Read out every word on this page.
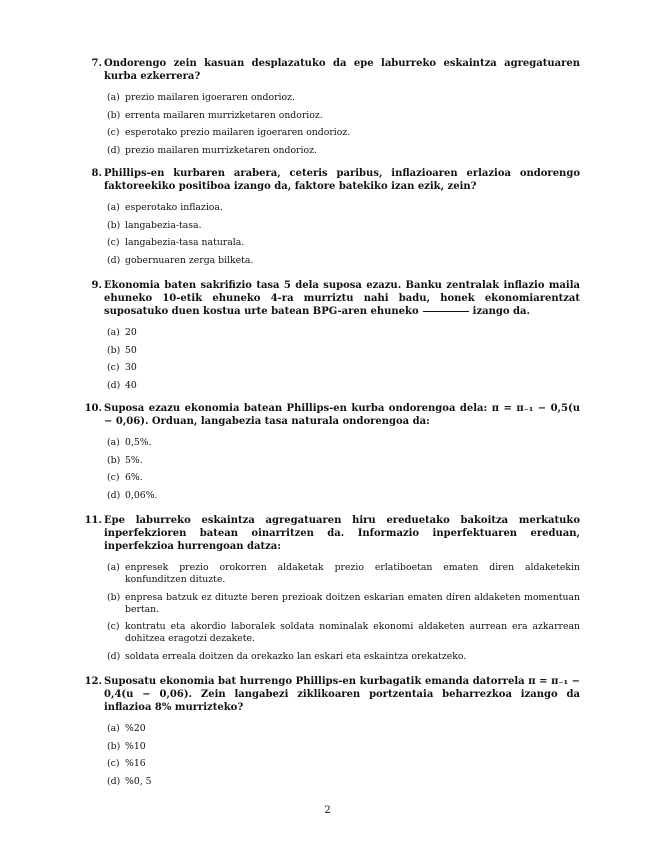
7. Ondorengo zein kasuan desplazatuko da epe laburreko eskaintza agregatuaren kurba ezkerrera?
(a) prezio mailaren igoeraren ondorioz.
(b) errenta mailaren murrizketaren ondorioz.
(c) esperotako prezio mailaren igoeraren ondorioz.
(d) prezio mailaren murrizketaren ondorioz.
8. Phillips-en kurbaren arabera, ceteris paribus, inflazioaren erlazioa ondorengo faktoreekiko positiboa izango da, faktore batekiko izan ezik, zein?
(a) esperotako inflazioa.
(b) langabezia-tasa.
(c) langabezia-tasa naturala.
(d) gobernuaren zerga bilketa.
9. Ekonomia baten sakrifizio tasa 5 dela suposa ezazu. Banku zentralak inflazio maila ehuneko 10-etik ehuneko 4-ra murriztu nahi badu, honek ekonomiarentzat suposatuko duen kostua urte batean BPG-aren ehuneko	izango da.
(a) 20
(b) 50
(c) 30
(d) 40
10. Suposa ezazu ekonomia batean Phillips-en kurba ondorengoa dela: π = π₋₁ − 0,5(u − 0,06). Orduan, langabezia tasa naturala ondorengoa da:
(a) 0,5%.
(b) 5%.
(c) 6%.
(d) 0,06%.
11. Epe laburreko eskaintza agregatuaren hiru ereduetako bakoitza merkatuko inperfekzioren batean oinarritzen da. Informazio inperfektuaren ereduan, inperfekzioa hurrengoan datza:
(a) enpresek prezio orokorren aldaketak prezio erlatiboetan ematen diren aldaketekin konfunditzen dituzte.
(b) enpresa batzuk ez dituzte beren prezioak doitzen eskarian ematen diren aldaketen momentuan bertan.
(c) kontratu eta akordio laboralek soldata nominalak ekonomi aldaketen aurrean era azkarrean dohitzea eragotzi dezakete.
(d) soldata erreala doitzen da orekazko lan eskari eta eskaintza orekatzeko.
12. Suposatu ekonomia bat hurrengo Phillips-en kurbagatik emanda datorrela π = π₋₁ − 0,4(u − 0,06). Zein langabezi ziklikoaren portzentaia beharrezkoa izango da inflazioa 8% murrizteko?
(a) %20
(b) %10
(c) %16
(d) %0, 5
2
